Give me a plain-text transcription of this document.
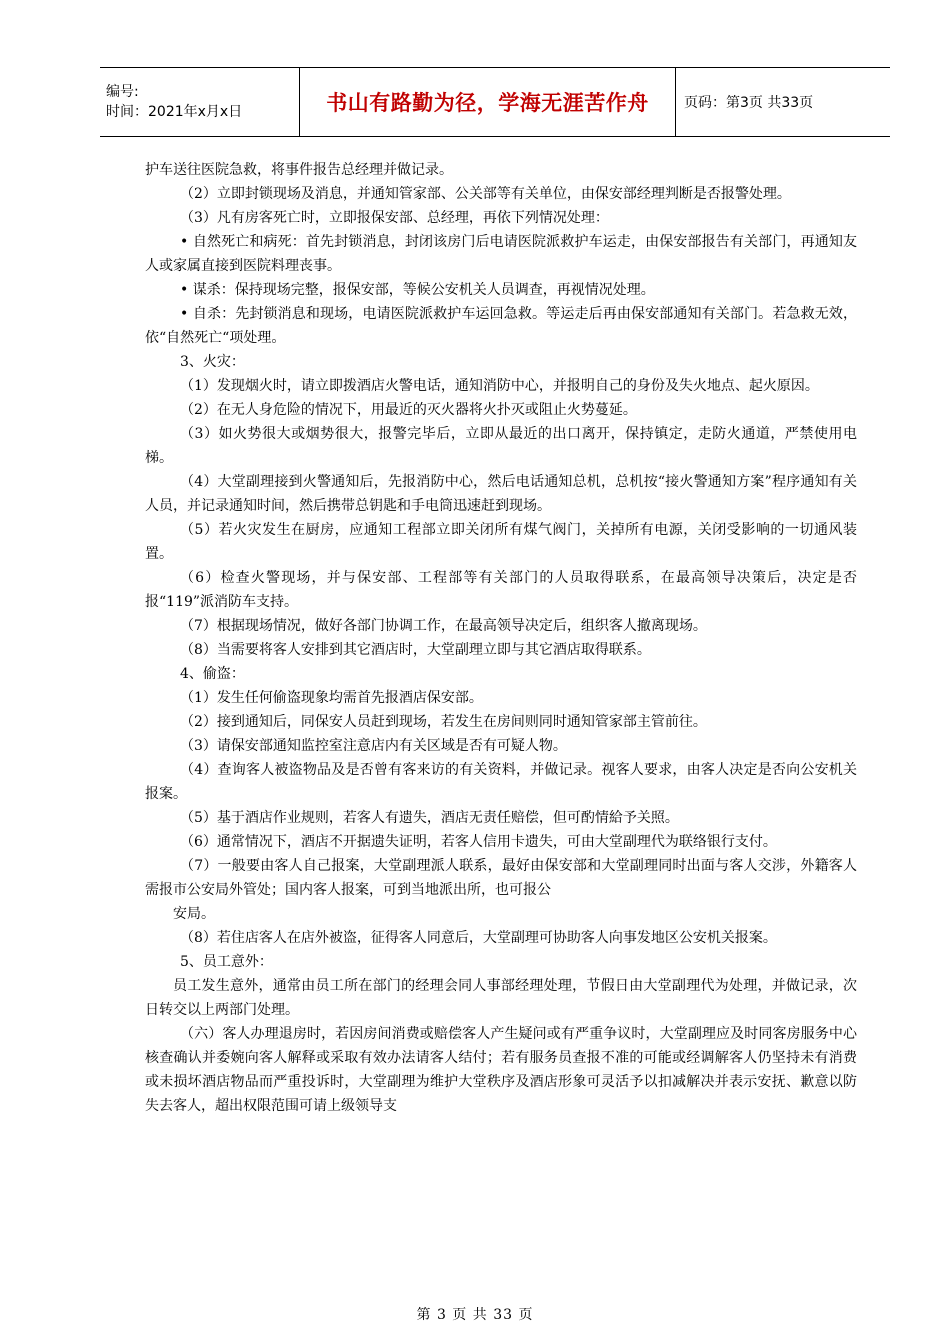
编号:
时间：2021年x月x日	书山有路勤为径，学海无涯苦作舟	页码：第3页 共33页

护车送往医院急救，将事件报告总经理并做记录。

（2）立即封锁现场及消息，并通知管家部、公关部等有关单位，由保安部经理判断是否报警处理。

（3）凡有房客死亡时，立即报保安部、总经理，再依下列情况处理：

• 自然死亡和病死：首先封锁消息，封闭该房门后电请医院派救护车运走，由保安部报告有关部门，再通知友人或家属直接到医院料理丧事。

• 谋杀：保持现场完整，报保安部，等候公安机关人员调查，再视情况处理。

• 自杀：先封锁消息和现场，电请医院派救护车运回急救。等运走后再由保安部通知有关部门。若急救无效，依“自然死亡“项处理。

3、火灾：

（1）发现烟火时，请立即拨酒店火警电话，通知消防中心，并报明自己的身份及失火地点、起火原因。

（2）在无人身危险的情况下，用最近的灭火器将火扑灭或阻止火势蔓延。

（3）如火势很大或烟势很大，报警完毕后，立即从最近的出口离开，保持镇定，走防火通道，严禁使用电梯。

（4）大堂副理接到火警通知后，先报消防中心，然后电话通知总机，总机按“接火警通知方案”程序通知有关人员，并记录通知时间，然后携带总钥匙和手电筒迅速赶到现场。

（5）若火灾发生在厨房，应通知工程部立即关闭所有煤气阀门，关掉所有电源，关闭受影响的一切通风装置。

（6）检查火警现场，并与保安部、工程部等有关部门的人员取得联系，在最高领导决策后，决定是否报“119”派消防车支持。

（7）根据现场情况，做好各部门协调工作，在最高领导决定后，组织客人撤离现场。

（8）当需要将客人安排到其它酒店时，大堂副理立即与其它酒店取得联系。

4、偷盗：

（1）发生任何偷盗现象均需首先报酒店保安部。

（2）接到通知后，同保安人员赶到现场，若发生在房间则同时通知管家部主管前往。

（3）请保安部通知监控室注意店内有关区域是否有可疑人物。

（4）查询客人被盗物品及是否曾有客来访的有关资料，并做记录。视客人要求，由客人决定是否向公安机关报案。

（5）基于酒店作业规则，若客人有遗失，酒店无责任赔偿，但可酌情給予关照。

（6）通常情况下，酒店不开据遗失证明，若客人信用卡遗失，可由大堂副理代为联络银行支付。

（7）一般要由客人自己报案，大堂副理派人联系，最好由保安部和大堂副理同时出面与客人交涉，外籍客人需报市公安局外管处；国内客人报案，可到当地派出所，也可报公

安局。

（8）若住店客人在店外被盗，征得客人同意后，大堂副理可协助客人向事发地区公安机关报案。

5、员工意外：

员工发生意外，通常由员工所在部门的经理会同人事部经理处理，节假日由大堂副理代为处理，并做记录，次日转交以上两部门处理。

（六）客人办理退房时，若因房间消费或赔偿客人产生疑问或有严重争议时，大堂副理应及时同客房服务中心核查确认并委婉向客人解释或采取有效办法请客人结付；若有服务员查报不准的可能或经调解客人仍坚持未有消费或未损坏酒店物品而严重投诉时，大堂副理为维护大堂秩序及酒店形象可灵活予以扣减解决并表示安抚、歉意以防失去客人，超出权限范围可请上级领导支

第 3 页 共 33 页
